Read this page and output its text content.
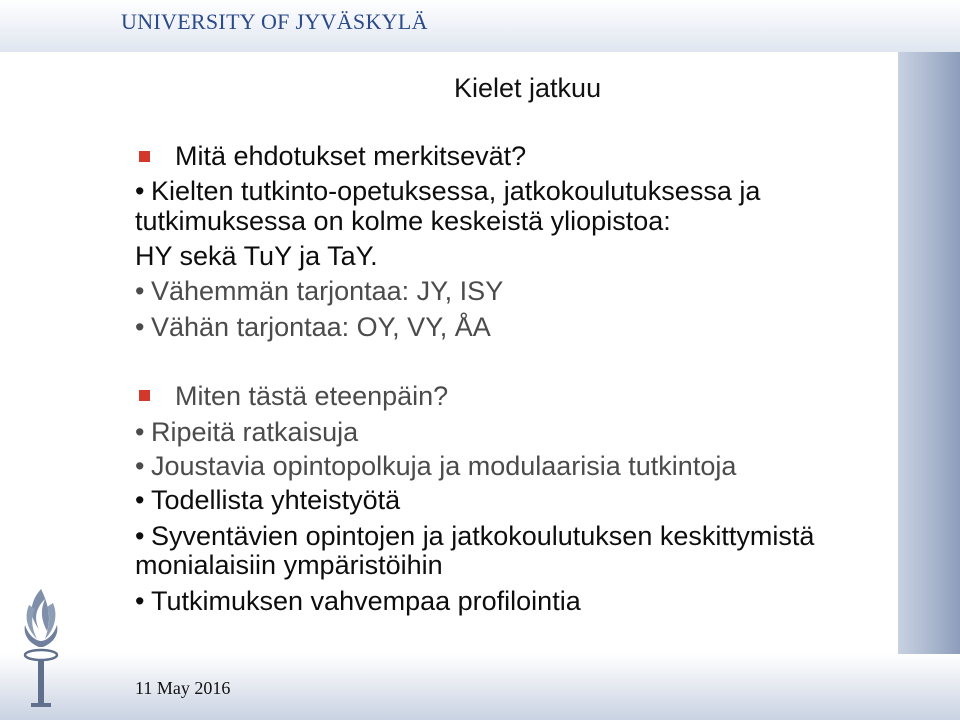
UNIVERSITY OF JYVÄSKYLÄ
Kielet jatkuu

Mitä ehdotukset merkitsevät?

• Kielten tutkinto-opetuksessa, jatkokoulutuksessa ja

tutkimuksessa on kolme keskeistä yliopistoa:

HY sekä TuY ja TaY.

• Vähemmän tarjontaa: JY, ISY

• Vähän tarjontaa: OY, VY, ÅA

Miten tästä eteenpäin?

• Ripeitä ratkaisuja

• Joustavia opintopolkuja ja modulaarisia tutkintoja

• Todellista yhteistyötä

• Syventävien opintojen ja jatkokoulutuksen keskittymistä

monialaisiin ympäristöihin

• Tutkimuksen vahvempaa profilointia

11 May 2016
